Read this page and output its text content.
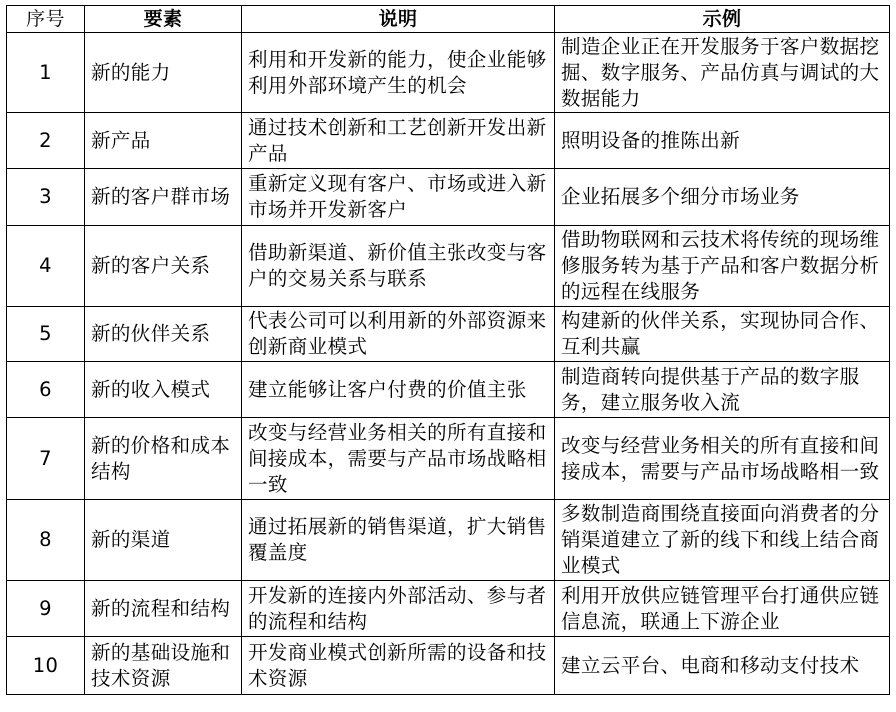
序号	要素	说明	示例
1	新的能力	利用和开发新的能力，使企业能够利用外部环境产生的机会	制造企业正在开发服务于客户数据挖掘、数字服务、产品仿真与调试的大数据能力
2	新产品	通过技术创新和工艺创新开发出新产品	照明设备的推陈出新
3	新的客户群市场	重新定义现有客户、市场或进入新市场并开发新客户	企业拓展多个细分市场业务
4	新的客户关系	借助新渠道、新价值主张改变与客户的交易关系与联系	借助物联网和云技术将传统的现场维修服务转为基于产品和客户数据分析的远程在线服务
5	新的伙伴关系	代表公司可以利用新的外部资源来创新商业模式	构建新的伙伴关系，实现协同合作、互利共赢
6	新的收入模式	建立能够让客户付费的价值主张	制造商转向提供基于产品的数字服务，建立服务收入流
7	新的价格和成本结构	改变与经营业务相关的所有直接和间接成本，需要与产品市场战略相一致	改变与经营业务相关的所有直接和间接成本，需要与产品市场战略相一致
8	新的渠道	通过拓展新的销售渠道，扩大销售覆盖度	多数制造商围绕直接面向消费者的分销渠道建立了新的线下和线上结合商业模式
9	新的流程和结构	开发新的连接内外部活动、参与者的流程和结构	利用开放供应链管理平台打通供应链信息流，联通上下游企业
10	新的基础设施和技术资源	开发商业模式创新所需的设备和技术资源	建立云平台、电商和移动支付技术
